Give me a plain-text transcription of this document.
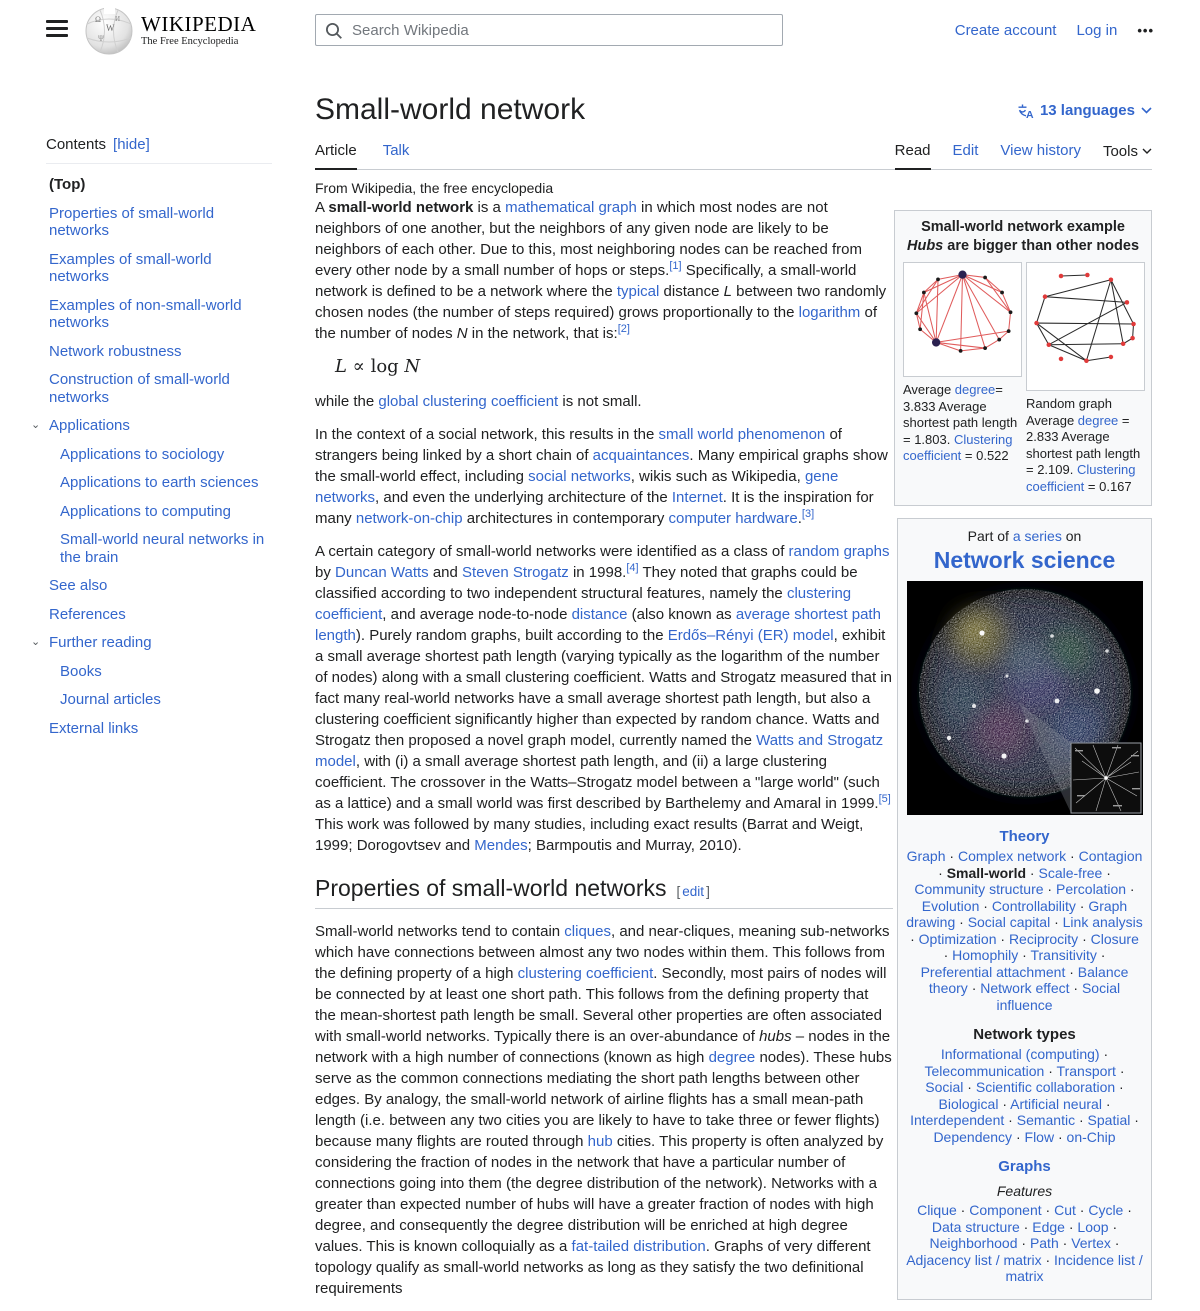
Ω
W
И
Ψ
WIKIPEDIA
The Free Encyclopedia
Search Wikipedia
Create account Log in •••
Contents [hide]
(Top)
Properties of small-world networks
Examples of small-world networks
Examples of non-small-world networks
Network robustness
Construction of small-world networks
⌄ Applications
Applications to sociology
Applications to earth sciences
Applications to computing
Small-world neural networks in the brain
See also
References
⌄ Further reading
Books
Journal articles
External links
Small-world network	A 13 languages
Article Talk	Read Edit View history Tools
From Wikipedia, the free encyclopedia

A small-world network is a mathematical graph in which most nodes are not neighbors of one another, but the neighbors of any given node are likely to be neighbors of each other. Due to this, most neighboring nodes can be reached from every other node by a small number of hops or steps.[1] Specifically, a small-world network is defined to be a network where the typical distance L between two randomly chosen nodes (the number of steps required) grows proportionally to the logarithm of the number of nodes N in the network, that is:[2]

L ∝ log N

while the global clustering coefficient is not small.

In the context of a social network, this results in the small world phenomenon of strangers being linked by a short chain of acquaintances. Many empirical graphs show the small-world effect, including social networks, wikis such as Wikipedia, gene networks, and even the underlying architecture of the Internet. It is the inspiration for many network-on-chip architectures in contemporary computer hardware.[3]

A certain category of small-world networks were identified as a class of random graphs by Duncan Watts and Steven Strogatz in 1998.[4] They noted that graphs could be classified according to two independent structural features, namely the clustering coefficient, and average node-to-node distance (also known as average shortest path length). Purely random graphs, built according to the Erdős–Rényi (ER) model, exhibit a small average shortest path length (varying typically as the logarithm of the number of nodes) along with a small clustering coefficient. Watts and Strogatz measured that in fact many real-world networks have a small average shortest path length, but also a clustering coefficient significantly higher than expected by random chance. Watts and Strogatz then proposed a novel graph model, currently named the Watts and Strogatz model, with (i) a small average shortest path length, and (ii) a large clustering coefficient. The crossover in the Watts–Strogatz model between a "large world" (such as a lattice) and a small world was first described by Barthelemy and Amaral in 1999.[5] This work was followed by many studies, including exact results (Barrat and Weigt, 1999; Dorogovtsev and Mendes; Barmpoutis and Murray, 2010).

Properties of small-world networks [ edit ]

Small-world networks tend to contain cliques, and near-cliques, meaning sub-networks which have connections between almost any two nodes within them. This follows from the defining property of a high clustering coefficient. Secondly, most pairs of nodes will be connected by at least one short path. This follows from the defining property that the mean-shortest path length be small. Several other properties are often associated with small-world networks. Typically there is an over-abundance of hubs – nodes in the network with a high number of connections (known as high degree nodes). These hubs serve as the common connections mediating the short path lengths between other edges. By analogy, the small-world network of airline flights has a small mean-path length (i.e. between any two cities you are likely to have to take three or fewer flights) because many flights are routed through hub cities. This property is often analyzed by considering the fraction of nodes in the network that have a particular number of connections going into them (the degree distribution of the network). Networks with a greater than expected number of hubs will have a greater fraction of nodes with high degree, and consequently the degree distribution will be enriched at high degree values. This is known colloquially as a fat-tailed distribution. Graphs of very different topology qualify as small-world networks as long as they satisfy the two definitional requirements

Small-world network example
Hubs are bigger than other nodes
Average degree= 3.833 Average shortest path length = 1.803. Clustering coefficient = 0.522
Random graph Average degree = 2.833 Average shortest path length = 2.109. Clustering coefficient = 0.167
Part of a series on
Network science
Theory

Graph · Complex network · Contagion · Small-world · Scale-free · Community structure · Percolation · Evolution · Controllability · Graph drawing · Social capital · Link analysis · Optimization · Reciprocity · Closure · Homophily · Transitivity · Preferential attachment · Balance theory · Network effect · Social influence

Network types

Informational (computing) · Telecommunication · Transport · Social · Scientific collaboration · Biological · Artificial neural · Interdependent · Semantic · Spatial · Dependency · Flow · on-Chip

Graphs
Features

Clique · Component · Cut · Cycle · Data structure · Edge · Loop · Neighborhood · Path · Vertex · Adjacency list / matrix · Incidence list / matrix
